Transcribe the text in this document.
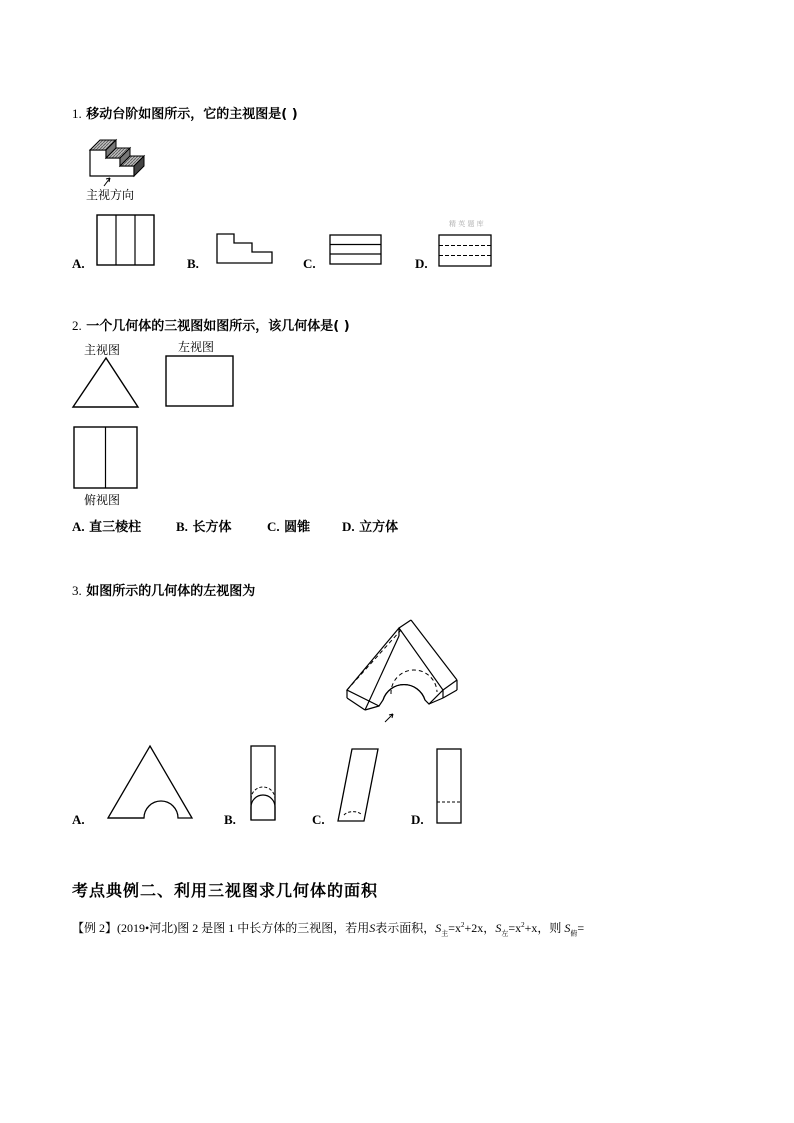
1. 移动台阶如图所示，它的主视图是( )
主视方向
A.	B.	C.	D.
精 英 题 库
2. 一个几何体的三视图如图所示，该几何体是( )
主视图	左视图
俯视图
A. 直三棱柱	B. 长方体	C. 圆锥 D. 立方体
3. 如图所示的几何体的左视图为
A.	B.	C.	D.
考点典例二、利用三视图求几何体的面积
【例 2】(2019•河北)图 2 是图 1 中长方体的三视图，若用S表示面积，$S_主=x^2+2x$，$S_左=x^2+x$，则 $S_俯=$
